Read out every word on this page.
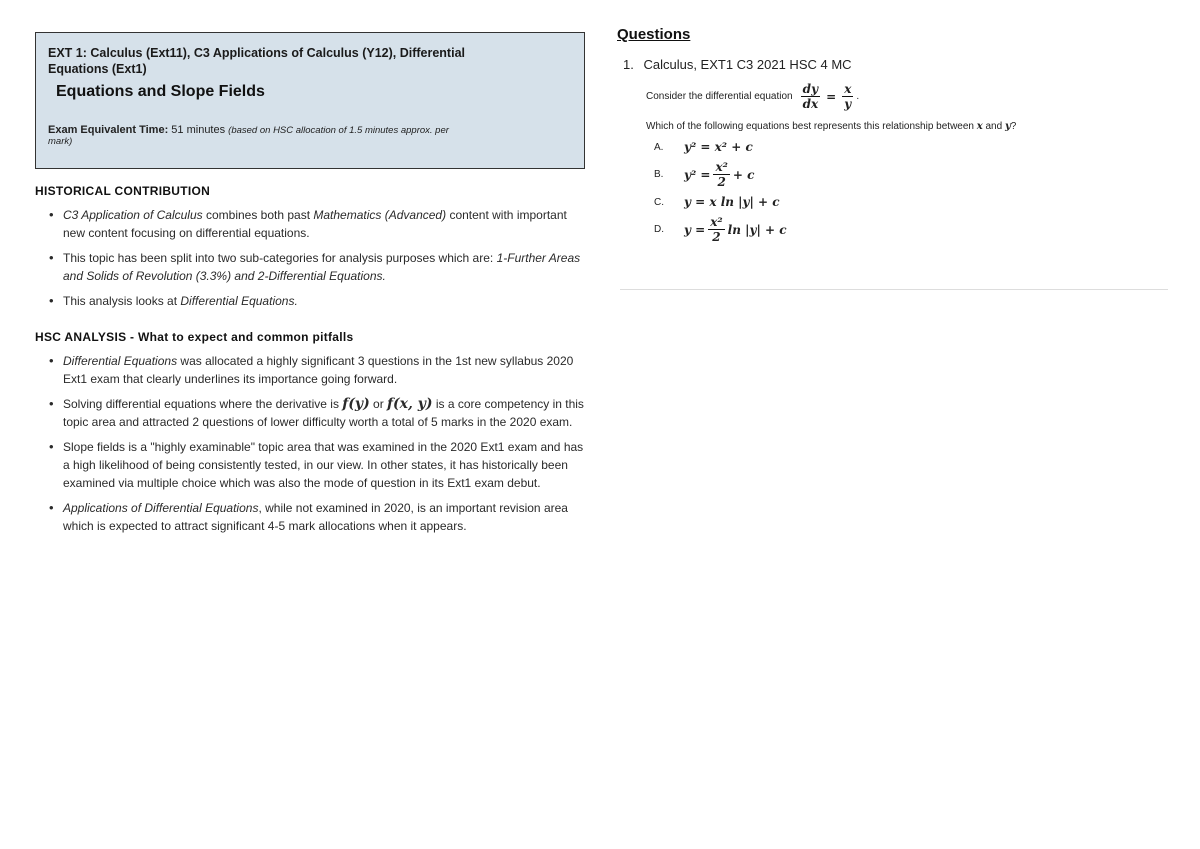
EXT 1: Calculus (Ext11), C3 Applications of Calculus (Y12), Differential Equations (Ext1)
Equations and Slope Fields
Exam Equivalent Time: 51 minutes (based on HSC allocation of 1.5 minutes approx. per mark)
HISTORICAL CONTRIBUTION
• C3 Application of Calculus combines both past Mathematics (Advanced) content with important new content focusing on differential equations.
• This topic has been split into two sub-categories for analysis purposes which are: 1-Further Areas and Solids of Revolution (3.3%) and 2-Differential Equations.
• This analysis looks at Differential Equations.
HSC ANALYSIS - What to expect and common pitfalls
• Differential Equations was allocated a highly significant 3 questions in the 1st new syllabus 2020 Ext1 exam that clearly underlines its importance going forward.
• Solving differential equations where the derivative is f(y) or f(x, y) is a core competency in this topic area and attracted 2 questions of lower difficulty worth a total of 5 marks in the 2020 exam.
• Slope fields is a "highly examinable" topic area that was examined in the 2020 Ext1 exam and has a high likelihood of being consistently tested, in our view. In other states, it has historically been examined via multiple choice which was also the mode of question in its Ext1 exam debut.
• Applications of Differential Equations, while not examined in 2020, is an important revision area which is expected to attract significant 4-5 mark allocations when it appears.
Questions
1. Calculus, EXT1 C3 2021 HSC 4 MC
Consider the differential equation $\frac{dy}{dx} = \frac{x}{y}$ .
Which of the following equations best represents this relationship between x and y?
A.	y² = x² + c
B.	$y^2 = \frac{\text{x²}}{2} + c$
C.	y = x ln |y| + c
D.	$y = \frac{\text{x²}}{2}$ ln |y| + c
